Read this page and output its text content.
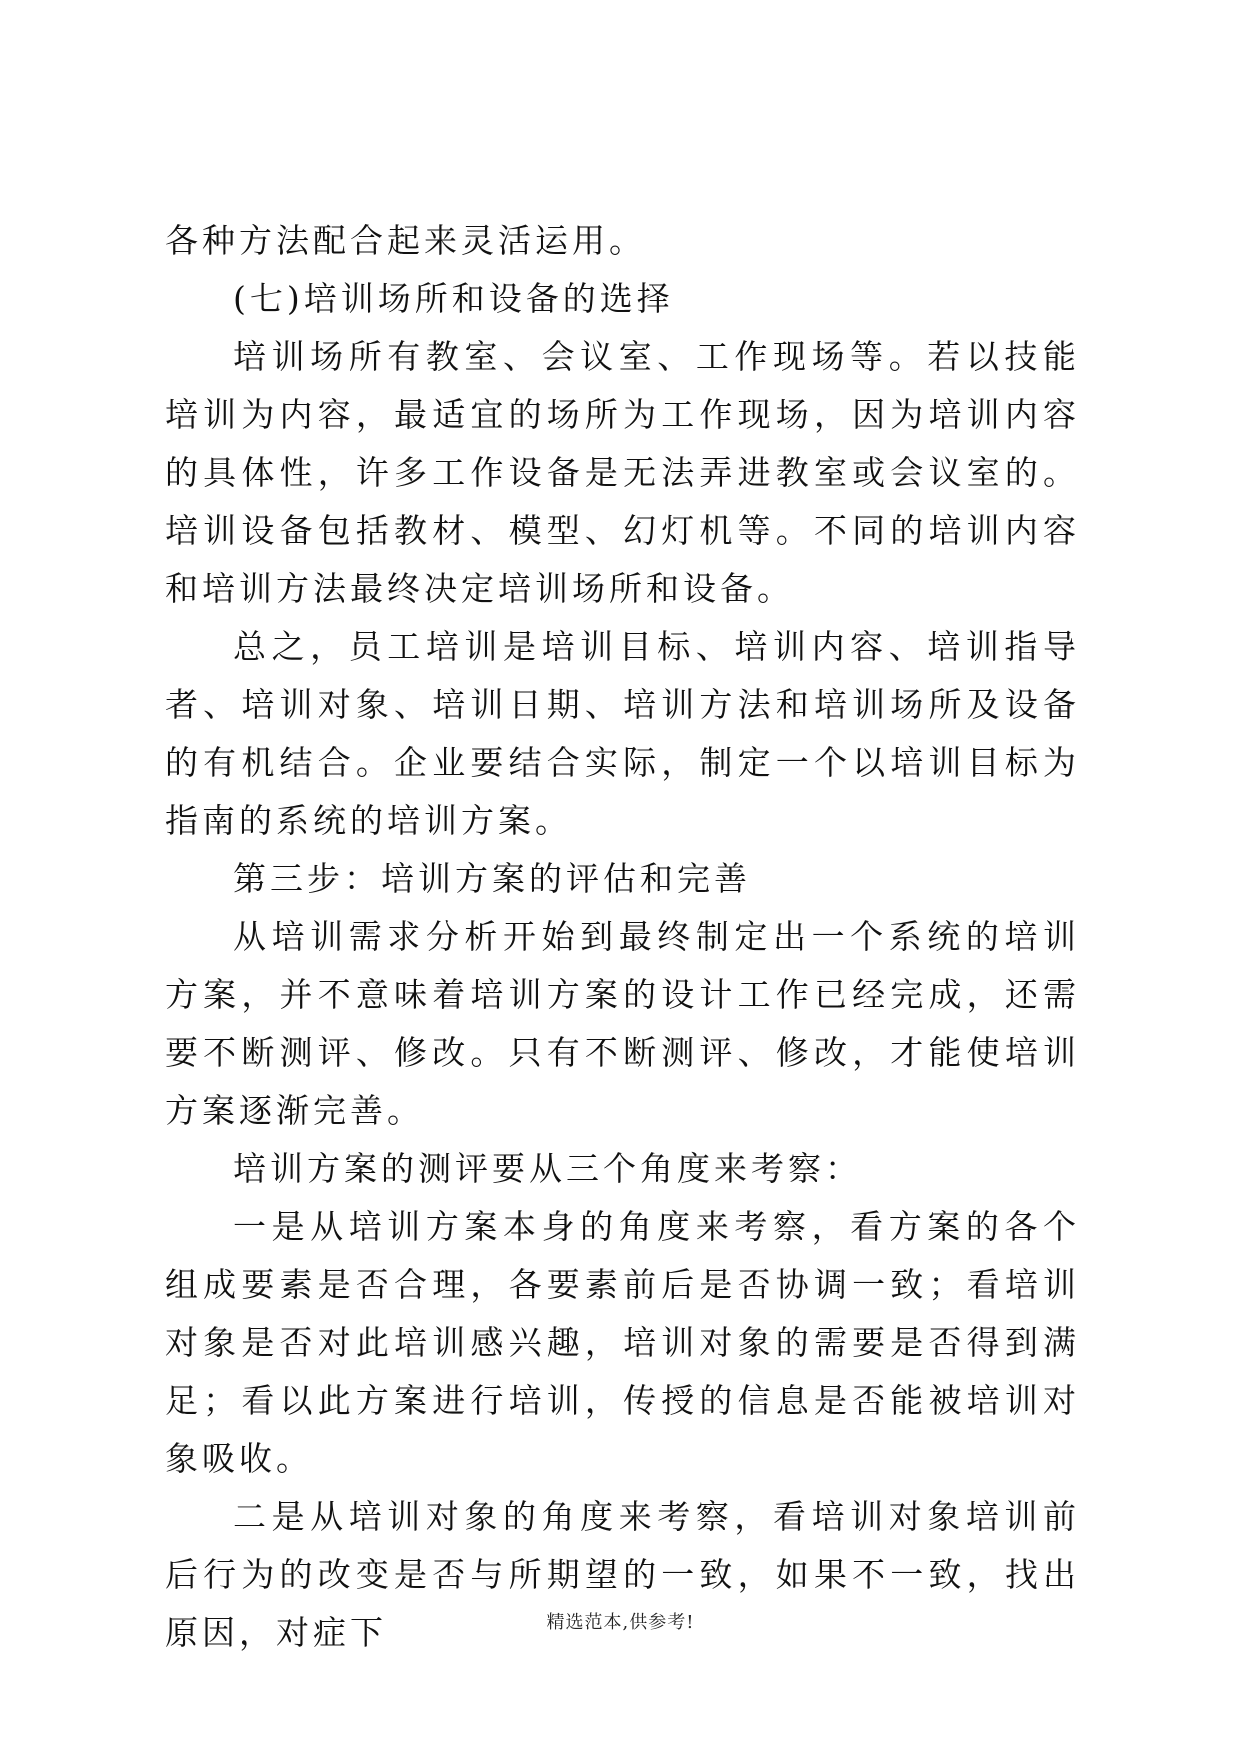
各种方法配合起来灵活运用。

(七)培训场所和设备的选择

培训场所有教室、会议室、工作现场等。若以技能培训为内容，最适宜的场所为工作现场，因为培训内容的具体性，许多工作设备是无法弄进教室或会议室的。培训设备包括教材、模型、幻灯机等。不同的培训内容和培训方法最终决定培训场所和设备。

总之，员工培训是培训目标、培训内容、培训指导者、培训对象、培训日期、培训方法和培训场所及设备的有机结合。企业要结合实际，制定一个以培训目标为指南的系统的培训方案。

第三步：培训方案的评估和完善

从培训需求分析开始到最终制定出一个系统的培训方案，并不意味着培训方案的设计工作已经完成，还需要不断测评、修改。只有不断测评、修改，才能使培训方案逐渐完善。

培训方案的测评要从三个角度来考察：

一是从培训方案本身的角度来考察，看方案的各个组成要素是否合理，各要素前后是否协调一致；看培训对象是否对此培训感兴趣，培训对象的需要是否得到满足；看以此方案进行培训，传授的信息是否能被培训对象吸收。

二是从培训对象的角度来考察，看培训对象培训前后行为的改变是否与所期望的一致，如果不一致，找出原因，对症下	精选范本,供参考!
